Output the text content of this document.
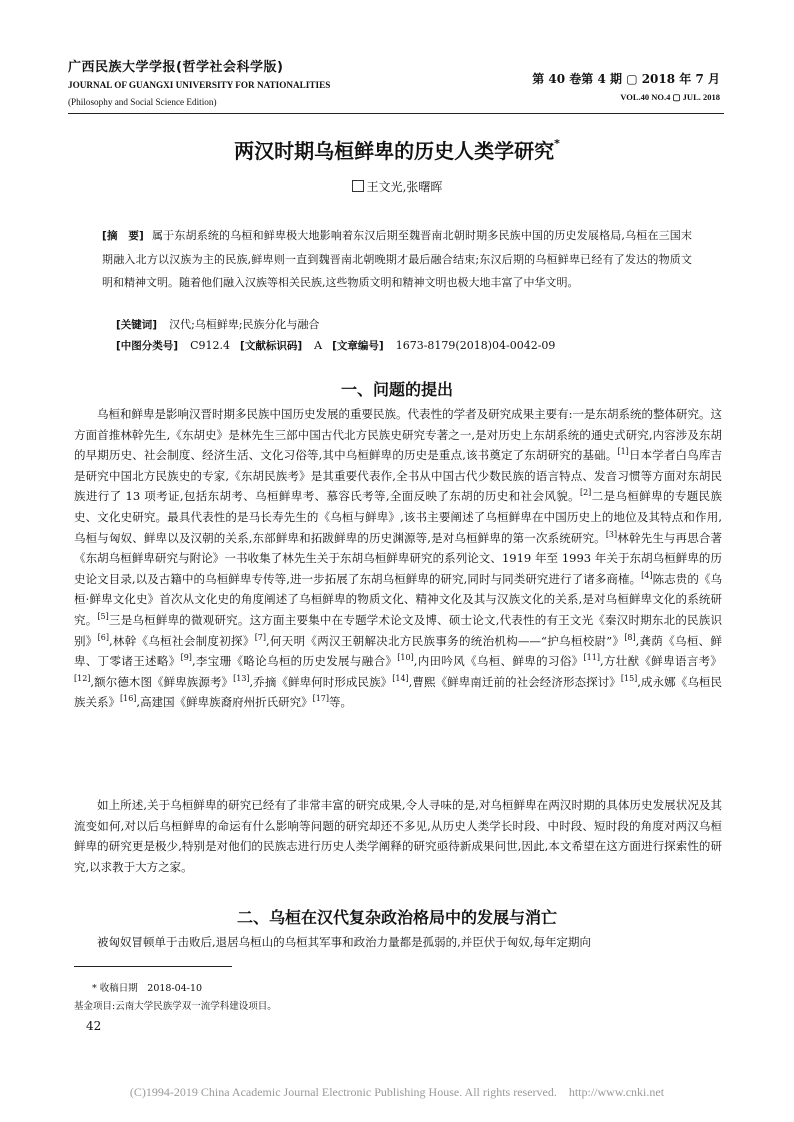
广西民族大学学报(哲学社会科学版)
JOURNAL OF GUANGXI UNIVERSITY FOR NATIONALITIES
(Philosophy and Social Science Edition)
第 40 卷第 4 期 ▢ 2018 年 7 月
VOL.40 NO.4 ▢ JUL. 2018
两汉时期乌桓鲜卑的历史人类学研究*
王文光,张曙晖
[摘　要] 属于东胡系统的乌桓和鲜卑极大地影响着东汉后期至魏晋南北朝时期多民族中国的历史发展格局,乌桓在三国末期融入北方以汉族为主的民族,鲜卑则一直到魏晋南北朝晚期才最后融合结束;东汉后期的乌桓鲜卑已经有了发达的物质文明和精神文明。随着他们融入汉族等相关民族,这些物质文明和精神文明也极大地丰富了中华文明。
[关键词] 汉代;乌桓鲜卑;民族分化与融合
[中图分类号] C912.4 [文献标识码] A [文章编号] 1673-8179(2018)04-0042-09
一、问题的提出
乌桓和鲜卑是影响汉晋时期多民族中国历史发展的重要民族。代表性的学者及研究成果主要有:一是东胡系统的整体研究。这方面首推林幹先生,《东胡史》是林先生三部中国古代北方民族史研究专著之一,是对历史上东胡系统的通史式研究,内容涉及东胡的早期历史、社会制度、经济生活、文化习俗等,其中乌桓鲜卑的历史是重点,该书奠定了东胡研究的基础。[1]日本学者白鸟库吉是研究中国北方民族史的专家,《东胡民族考》是其重要代表作,全书从中国古代少数民族的语言特点、发音习惯等方面对东胡民族进行了 13 项考证,包括东胡考、乌桓鲜卑考、慕容氏考等,全面反映了东胡的历史和社会风貌。[2]二是乌桓鲜卑的专题民族史、文化史研究。最具代表性的是马长寿先生的《乌桓与鲜卑》,该书主要阐述了乌桓鲜卑在中国历史上的地位及其特点和作用,乌桓与匈奴、鲜卑以及汉朝的关系,东部鲜卑和拓跋鲜卑的历史渊源等,是对乌桓鲜卑的第一次系统研究。[3]林幹先生与再思合著《东胡乌桓鲜卑研究与附论》一书收集了林先生关于东胡乌桓鲜卑研究的系列论文、1919 年至 1993 年关于东胡乌桓鲜卑的历史论文目录,以及古籍中的乌桓鲜卑专传等,进一步拓展了东胡乌桓鲜卑的研究,同时与同类研究进行了诸多商榷。[4]陈志贵的《乌桓·鲜卑文化史》首次从文化史的角度阐述了乌桓鲜卑的物质文化、精神文化及其与汉族文化的关系,是对乌桓鲜卑文化的系统研究。[5]三是乌桓鲜卑的微观研究。这方面主要集中在专题学术论文及博、硕士论文,代表性的有王文光《秦汉时期东北的民族识别》[6],林幹《乌桓社会制度初探》[7],何天明《两汉王朝解决北方民族事务的统治机构——“护乌桓校尉”》[8],龚荫《乌桓、鲜卑、丁零诸王述略》[9],李宝珊《略论乌桓的历史发展与融合》[10],内田吟风《乌桓、鲜卑的习俗》[11],方壮猷《鲜卑语言考》[12],额尔德木图《鲜卑族源考》[13],乔摘《鲜卑何时形成民族》[14],曹熙《鲜卑南迁前的社会经济形态探讨》[15],成永娜《乌桓民族关系》[16],高建国《鲜卑族裔府州折氏研究》[17]等。
如上所述,关于乌桓鲜卑的研究已经有了非常丰富的研究成果,令人寻味的是,对乌桓鲜卑在两汉时期的具体历史发展状况及其流变如何,对以后乌桓鲜卑的命运有什么影响等问题的研究却还不多见,从历史人类学长时段、中时段、短时段的角度对两汉乌桓鲜卑的研究更是极少,特别是对他们的民族志进行历史人类学阐释的研究亟待新成果问世,因此,本文希望在这方面进行探索性的研究,以求教于大方之家。
二、乌桓在汉代复杂政治格局中的发展与消亡
被匈奴冒顿单于击败后,退居乌桓山的乌桓其军事和政治力量都是孤弱的,并臣伏于匈奴,每年定期向
* 收稿日期　2018-04-10
基金项目:云南大学民族学双一流学科建设项目。
42
(C)1994-2019 China Academic Journal Electronic Publishing House. All rights reserved.　http://www.cnki.net
